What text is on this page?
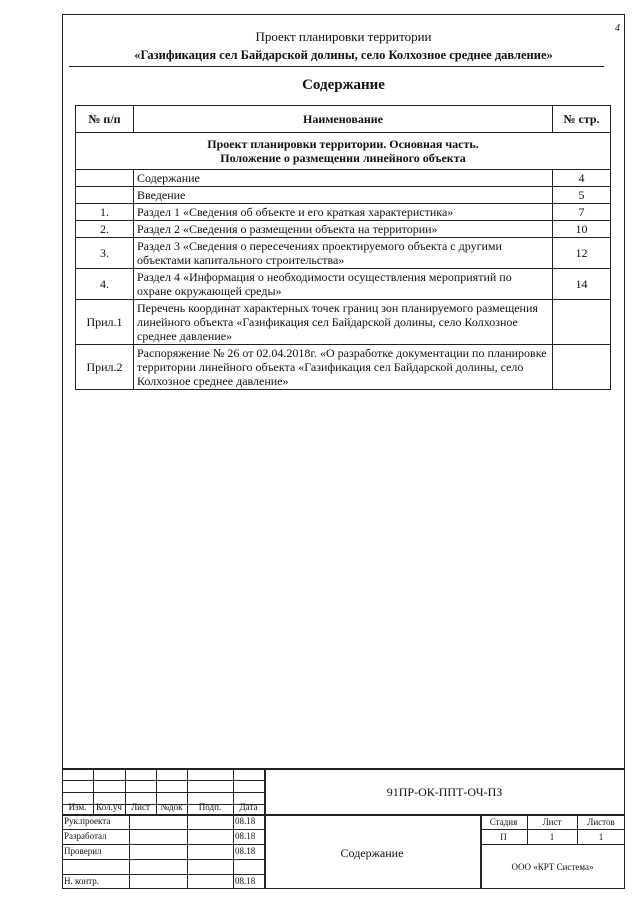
4
Проект планировки территории
«Газификация сел Байдарской долины, село Колхозное среднее давление»
Содержание
№ п/п	Наименование	№ стр.

Проект планировки территории. Основная часть.
Положение о размещении линейного объекта		

	Содержание	4
	Введение	5
1.	Раздел 1 «Сведения об объекте и его краткая характеристика»	7
2.	Раздел 2 «Сведения о размещении объекта на территории»	10
3.	Раздел 3 «Сведения о пересечениях проектируемого объекта с другими объектами капитального строительства»	12
4.	Раздел 4 «Информация о необходимости осуществления мероприятий по охране окружающей среды»	14
Прил.1	Перечень координат характерных точек границ зон планируемого размещения линейного объекта «Газификация сел Байдарской долины, село Колхозное среднее давление»	
Прил.2	Распоряжение № 26 от 02.04.2018г. «О разработке документации по планировке территории линейного объекта «Газификация сел Байдарской долины, село Колхозное среднее давление»	
Изм.	Кол.уч	Лист	№док	Подп.	Дата
Рук.проекта	08.18
Разработал	08.18
Проверил	08.18
Н. контр.	08.18
91ПР-ОК-ППТ-ОЧ-ПЗ
Содержание
Стадия	Лист	Листов
П	1	1
ООО «КРТ Система»
